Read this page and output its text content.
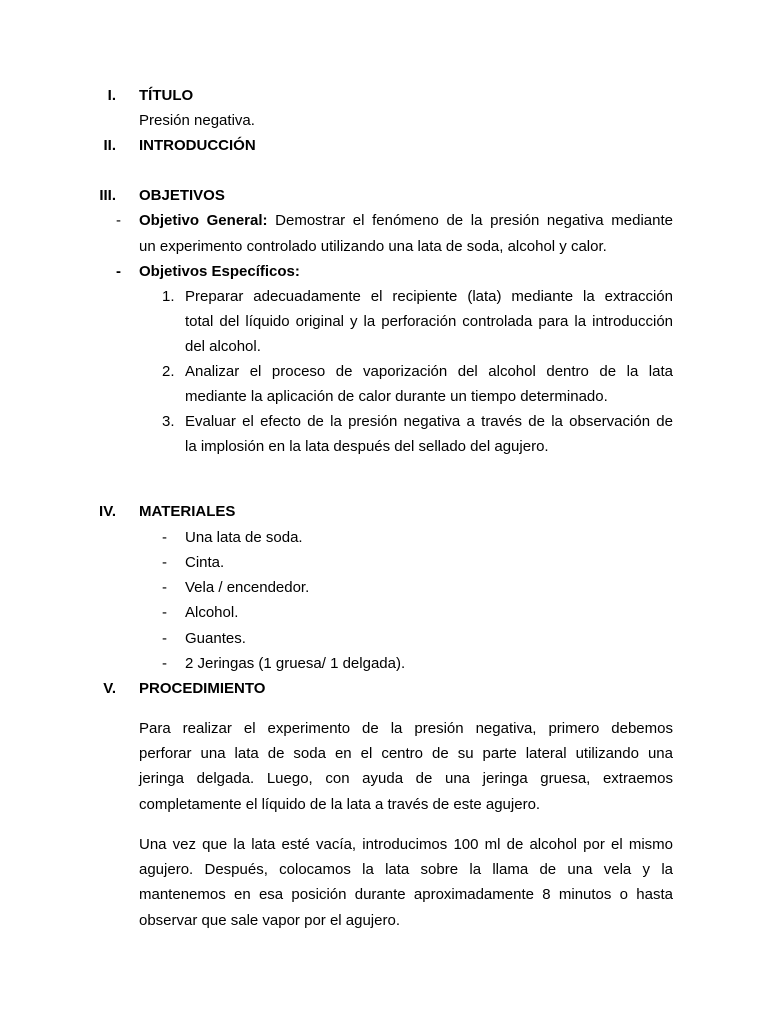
I. TÍTULO
Presión negativa.
II. INTRODUCCIÓN
III. OBJETIVOS
- Objetivo General: Demostrar el fenómeno de la presión negativa mediante
un experimento controlado utilizando una lata de soda, alcohol y calor.
- Objetivos Específicos:
1. Preparar adecuadamente el recipiente (lata) mediante la extracción
total del líquido original y la perforación controlada para la introducción
del alcohol.
2. Analizar el proceso de vaporización del alcohol dentro de la lata
mediante la aplicación de calor durante un tiempo determinado.
3. Evaluar el efecto de la presión negativa a través de la observación de
la implosión en la lata después del sellado del agujero.
IV. MATERIALES
- Una lata de soda.
- Cinta.
- Vela / encendedor.
- Alcohol.
- Guantes.
- 2 Jeringas (1 gruesa/ 1 delgada).
V. PROCEDIMIENTO
Para realizar el experimento de la presión negativa, primero debemos
perforar una lata de soda en el centro de su parte lateral utilizando una
jeringa delgada. Luego, con ayuda de una jeringa gruesa, extraemos
completamente el líquido de la lata a través de este agujero.
Una vez que la lata esté vacía, introducimos 100 ml de alcohol por el mismo
agujero. Después, colocamos la lata sobre la llama de una vela y la
mantenemos en esa posición durante aproximadamente 8 minutos o hasta
observar que sale vapor por el agujero.
